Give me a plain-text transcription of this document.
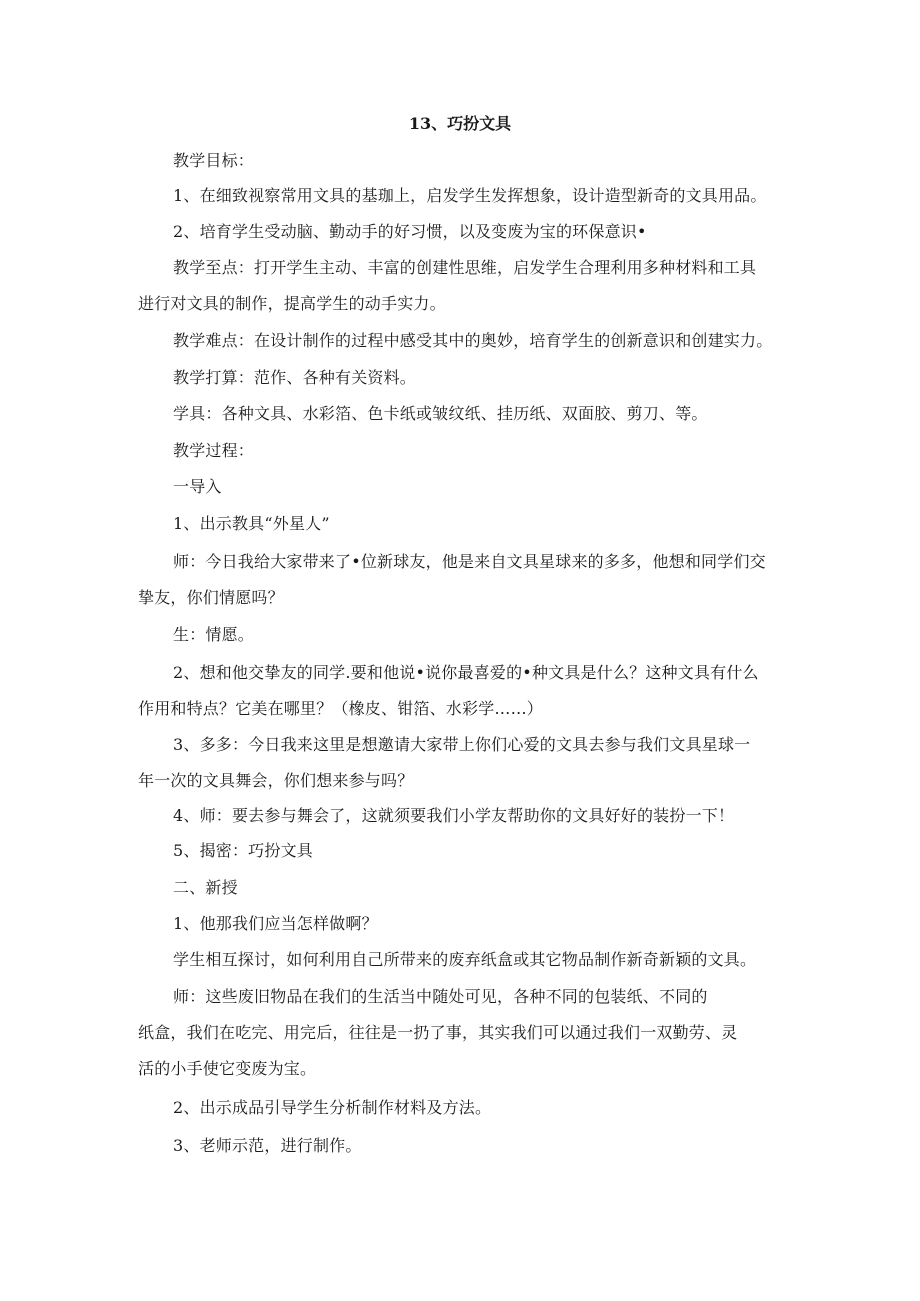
13、巧扮文具
教学目标：
1、在细致视察常用文具的基珈上，启发学生发挥想象，设计造型新奇的文具用品。
2、培育学生受动脑、勤动手的好习惯，以及变废为宝的环保意识•
教学至点：打开学生主动、丰富的创建性思维，启发学生合理利用多种材料和工具
进行对文具的制作，提高学生的动手实力。
教学难点：在设计制作的过程中感受其中的奥妙，培育学生的创新意识和创建实力。
教学打算：范作、各种有关资料。
学具：各种文具、水彩箔、色卡纸或皱纹纸、挂历纸、双面胶、剪刀、等。
教学过程：
一导入
1、出示教具“外星人”
师：今日我给大家带来了•位新球友，他是来自文具星球来的多多，他想和同学们交
挚友，你们情愿吗？
生：情愿。
2、想和他交挚友的同学.要和他说•说你最喜爱的•种文具是什么？这种文具有什么
作用和特点？它美在哪里？（橡皮、钳箔、水彩学……）
3、多多：今日我来这里是想邀请大家带上你们心爱的文具去参与我们文具星球一
年一次的文具舞会，你们想来参与吗？
4、师：要去参与舞会了，这就须要我们小学友帮助你的文具好好的装扮一下！
5、揭密：巧扮文具
二、新授
1、他那我们应当怎样做啊？
学生相互探讨，如何利用自己所带来的废弃纸盒或其它物品制作新奇新颖的文具。
师：这些废旧物品在我们的生活当中随处可见，各种不同的包装纸、不同的
纸盒，我们在吃完、用完后，往往是一扔了事，其实我们可以通过我们一双勤劳、灵
活的小手使它变废为宝。
2、出示成品引导学生分析制作材料及方法。
3、老师示范，进行制作。
